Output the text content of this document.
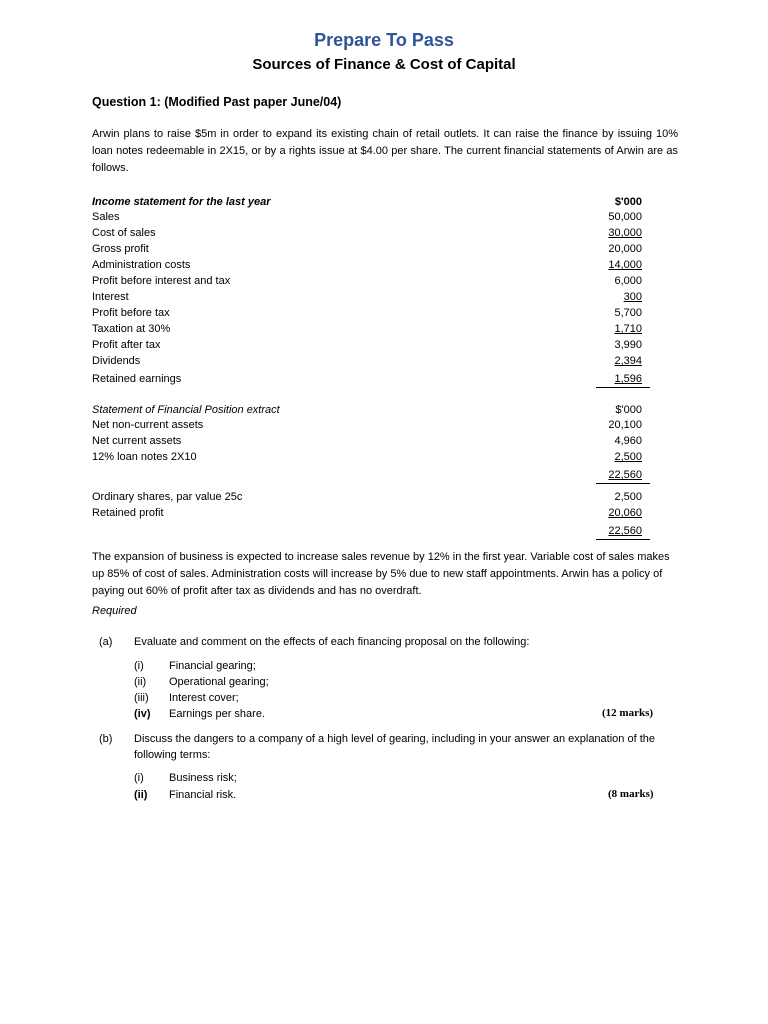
Prepare To Pass
Sources of Finance & Cost of Capital
Question 1: (Modified Past paper June/04)
Arwin plans to raise $5m in order to expand its existing chain of retail outlets. It can raise the finance by issuing 10% loan notes redeemable in 2X15, or by a rights issue at $4.00 per share. The current financial statements of Arwin are as follows.
Income statement for the last year	$'000
Sales	50,000
Cost of sales	30,000
Gross profit	20,000
Administration costs	14,000
Profit before interest and tax	6,000
Interest	300
Profit before tax	5,700
Taxation at 30%	1,710
Profit after tax	3,990
Dividends	2,394
Retained earnings	1,596
Statement of Financial Position extract	$'000
Net non-current assets	20,100
Net current assets	4,960
12% loan notes 2X10	2,500
22,560
Ordinary shares, par value 25c	2,500
Retained profit	20,060
22,560
The expansion of business is expected to increase sales revenue by 12% in the first year. Variable cost of sales makes up 85% of cost of sales. Administration costs will increase by 5% due to new staff appointments. Arwin has a policy of paying out 60% of profit after tax as dividends and has no overdraft.
Required
(a) Evaluate and comment on the effects of each financing proposal on the following:
(i) Financial gearing;
(ii) Operational gearing;
(iii) Interest cover;
(iv) Earnings per share.	(12 marks)
(b) Discuss the dangers to a company of a high level of gearing, including in your answer an explanation of the following terms:
(i) Business risk;
(ii) Financial risk.	(8 marks)
